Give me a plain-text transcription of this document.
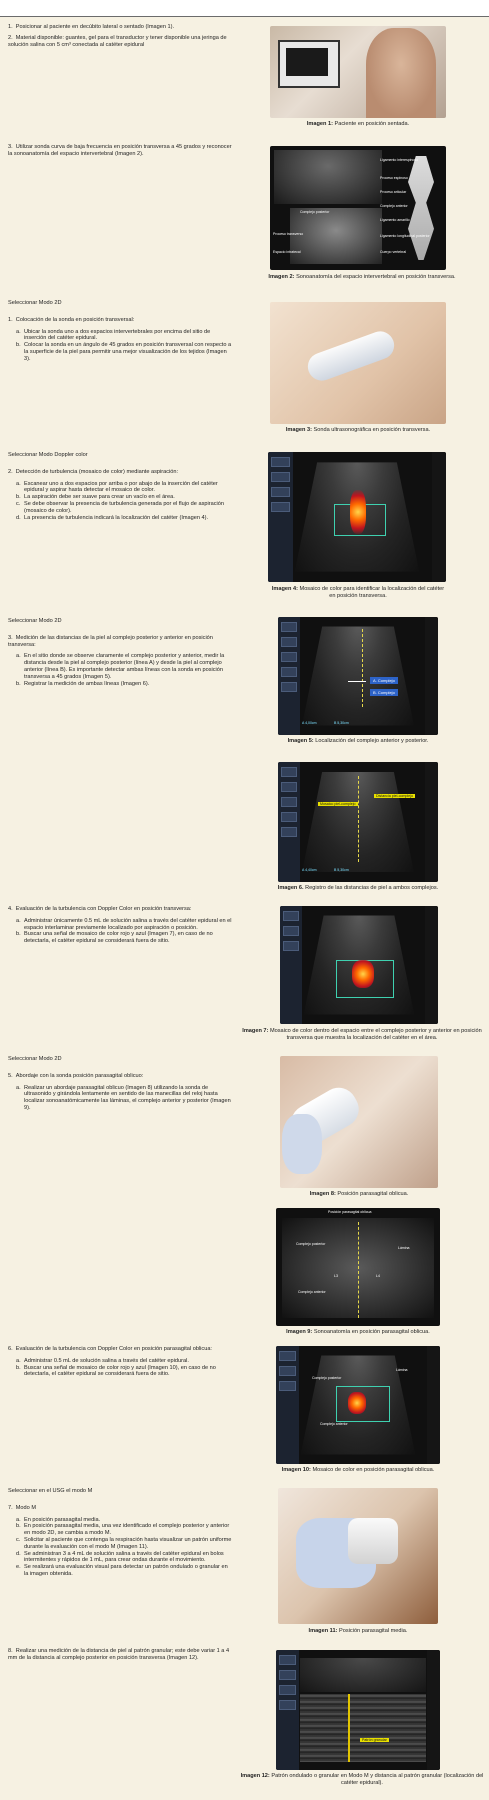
1.  Posicionar al paciente en decúbito lateral o sentado (Imagen 1).

2.  Material disponible: guantes, gel para el transductor y tener disponible una jeringa de solución salina con 5 cm³ conectada al catéter epidural

Imagen 1: Paciente en posición sentada.

3.  Utilizar sonda curva de baja frecuencia en posición transversa a 45 grados y reconocer la sonoanatomía del espacio intervertebral (Imagen 2).

Ligamento interespinoso
Proceso espinoso
Proceso articular
Complejo anterior
Ligamento amarillo
Proceso transverso
Complejo posterior
Espacio intratecal
Ligamento longitudinal posterior
Cuerpo vertebral
Imagen 2: Sonoanatomía del espacio intervertebral en posición transversa.

Seleccionar Modo 2D

1.  Colocación de la sonda en posición transversal:

a. Ubicar la sonda uno a dos espacios intervertebrales por encima del sitio de inserción del catéter epidural.
b. Colocar la sonda en un ángulo de 45 grados en posición transversal con respecto a la superficie de la piel para permitir una mejor visualización de los tejidos (Imagen 3).
Imagen 3: Sonda ultrasonográfica en posición transversa.

Seleccionar Modo Doppler color

2.  Detección de turbulencia (mosaico de color) mediante aspiración:

a. Escanear uno a dos espacios por arriba o por abajo de la inserción del catéter epidural y aspirar hasta detectar el mosaico de color.
b. La aspiración debe ser suave para crear un vacío en el área.
c. Se debe observar la presencia de turbulencia generada por el flujo de aspiración (mosaico de color).
d. La presencia de turbulencia indicará la localización del catéter (Imagen 4).
Imagen 4: Mosaico de color para identificar la localización del catéter en posición transversa.

Seleccionar Modo 2D

3.  Medición de las distancias de la piel al complejo posterior y anterior en posición transversa:

a. En el sitio donde se observe claramente el complejo posterior y anterior, medir la distancia desde la piel al complejo posterior (línea A) y desde la piel al complejo anterior (línea B). Es importante detectar ambas líneas con la sonda en posición transversa a 45 grados (Imagen 5).
b. Registrar la medición de ambas líneas (Imagen 6).
A. Complejo
B. Complejo
A 4,00cm	B 5,30cm
Imagen 5: Localización del complejo anterior y posterior.
Mosaico piel-complejo
Distancia piel-complejo
A 4,40cm	B 5,30cm
Imagen 6. Registro de las distancias de piel a ambos complejos.

4.  Evaluación de la turbulencia con Doppler Color en posición transversa:

a. Administrar únicamente 0.5 mL de solución salina a través del catéter epidural en el espacio interlaminar previamente localizado por aspiración o posición.
b. Buscar una señal de mosaico de color rojo y azul (Imagen 7), en caso de no detectarla, el catéter epidural se considerará fuera de sitio.
Imagen 7: Mosaico de color dentro del espacio entre el complejo posterior y anterior en posición transversa que muestra la localización del catéter en el área.

Seleccionar Modo 2D

5.  Abordaje con la sonda posición parasagital oblicuo:

a. Realizar un abordaje parasagital oblicuo (Imagen 8) utilizando la sonda de ultrasonido y girándola lentamente en sentido de las manecillas del reloj hasta localizar sonoanatómicamente las láminas, el complejo anterior y posterior (Imagen 9).
Imagen 8: Posición parasagital oblicua.
Posición parasagital oblicua
Complejo posterior
Lámina
L3	L4
Complejo anterior
Imagen 9: Sonoanatomía en posición parasagital oblicua.

6.  Evaluación de la turbulencia con Doppler Color en posición parasagital oblicua:

a. Administrar 0.5 mL de solución salina a través del catéter epidural.
b. Buscar una señal de mosaico de color rojo y azul (Imagen 10), en caso de no detectarla, el catéter epidural se considerará fuera de sitio.
Complejo posterior
Lámina
Complejo anterior
Imagen 10: Mosaico de color en posición parasagital oblicua.

Seleccionar en el USG el modo M

7.  Modo M

a. En posición parasagital media.
b. En posición parasagital media, una vez identificado el complejo posterior y anterior en modo 2D, se cambia a modo M.
c. Solicitar al paciente que contenga la respiración hasta visualizar un patrón uniforme durante la evaluación con el modo M (Imagen 11).
d. Se administran 3 a 4 mL de solución salina a través del catéter epidural en bolos intermitentes y rápidos de 1 mL, para crear ondas durante el movimiento.
e. Se realizará una evaluación visual para detectar un patrón ondulado o granular en la imagen obtenida.
Imagen 11: Posición parasagital media.

8.  Realizar una medición de la distancia de piel al patrón granular; este debe variar 1 a 4 mm de la distancia al complejo posterior en posición transversa (Imagen 12).

Patrón granular
Imagen 12: Patrón ondulado o granular en Modo M y distancia al patrón granular (localización del catéter epidural).
